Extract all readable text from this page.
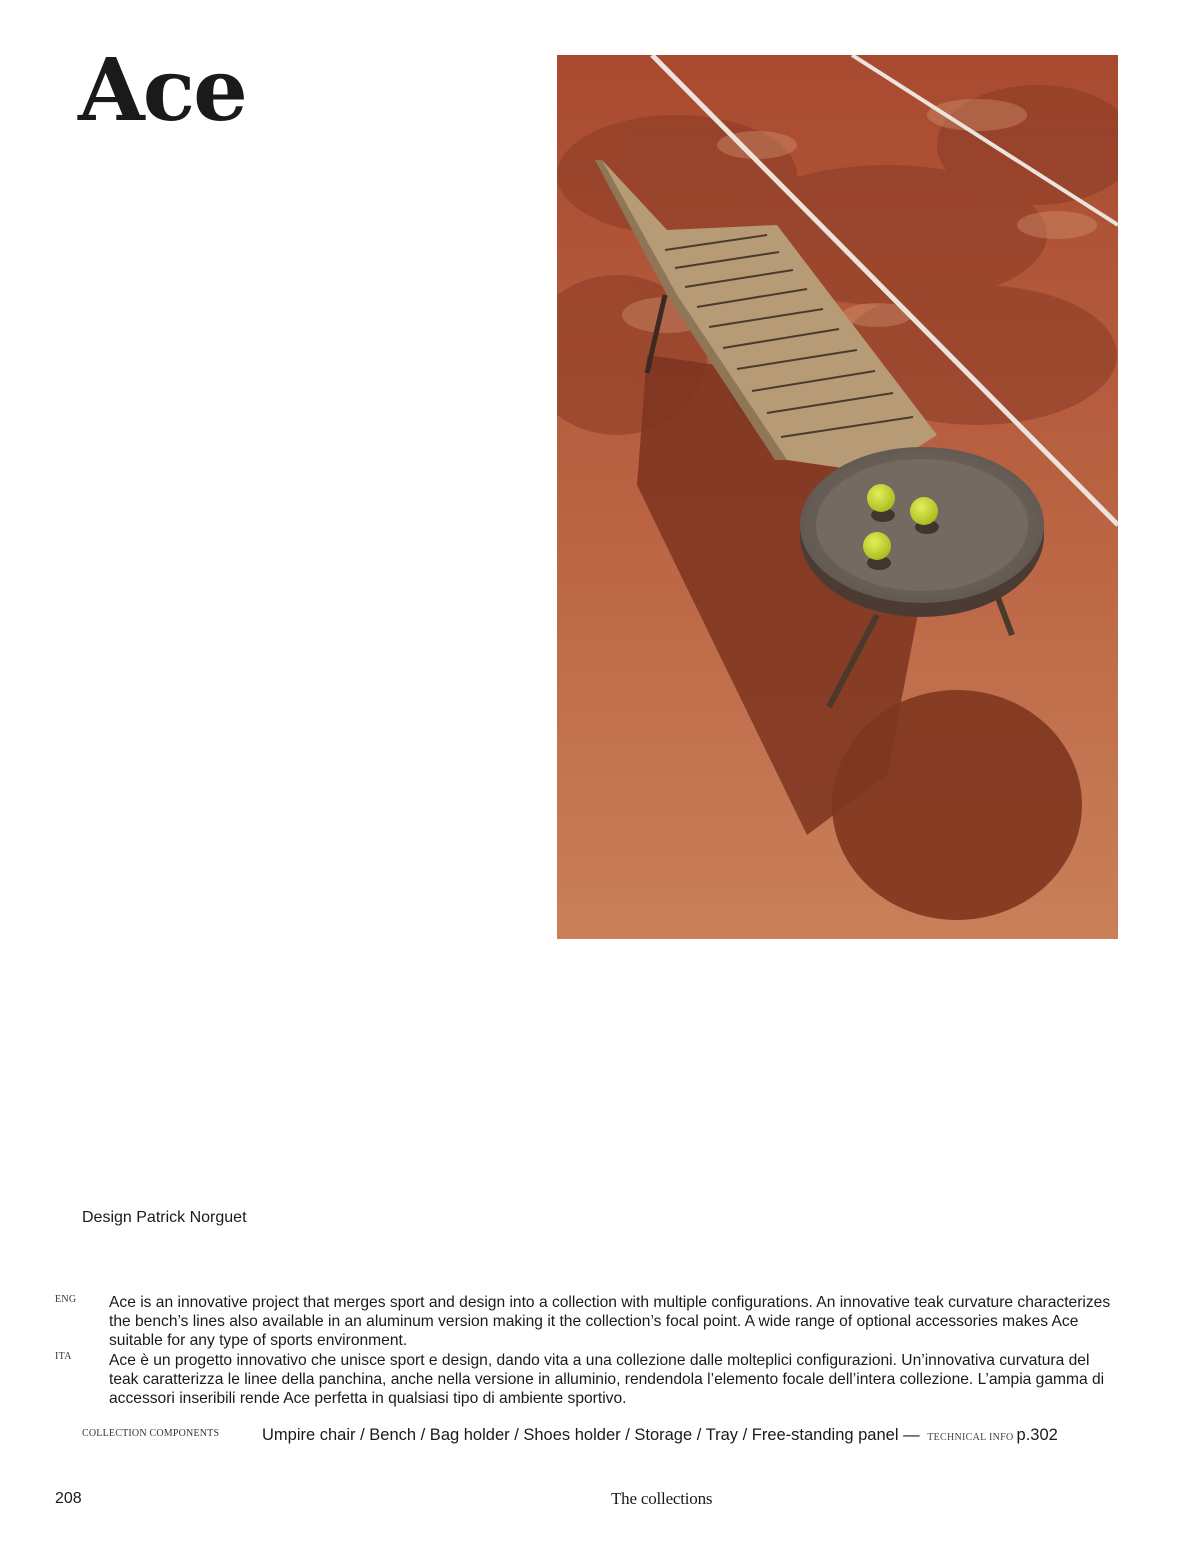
Ace
Design Patrick Norguet
ENG Ace is an innovative project that merges sport and design into a collection with multiple configurations. An innovative teak curvature characterizes the bench’s lines also available in an aluminum version making it the collection’s focal point. A wide range of optional accessories makes Ace suitable for any type of sports environment.

ITA Ace è un progetto innovativo che unisce sport e design, dando vita a una collezione dalle molteplici configurazioni. Un’innovativa curvatura del teak caratterizza le linee della panchina, anche nella versione in alluminio, rendendola l’elemento focale dell’intera collezione. L’ampia gamma di accessori inseribili rende Ace perfetta in qualsiasi tipo di ambiente sportivo.

COLLECTION COMPONENTS	Umpire chair / Bench / Bag holder / Shoes holder / Storage / Tray / Free-standing panel — TECHNICAL INFO p.302
208	The collections
